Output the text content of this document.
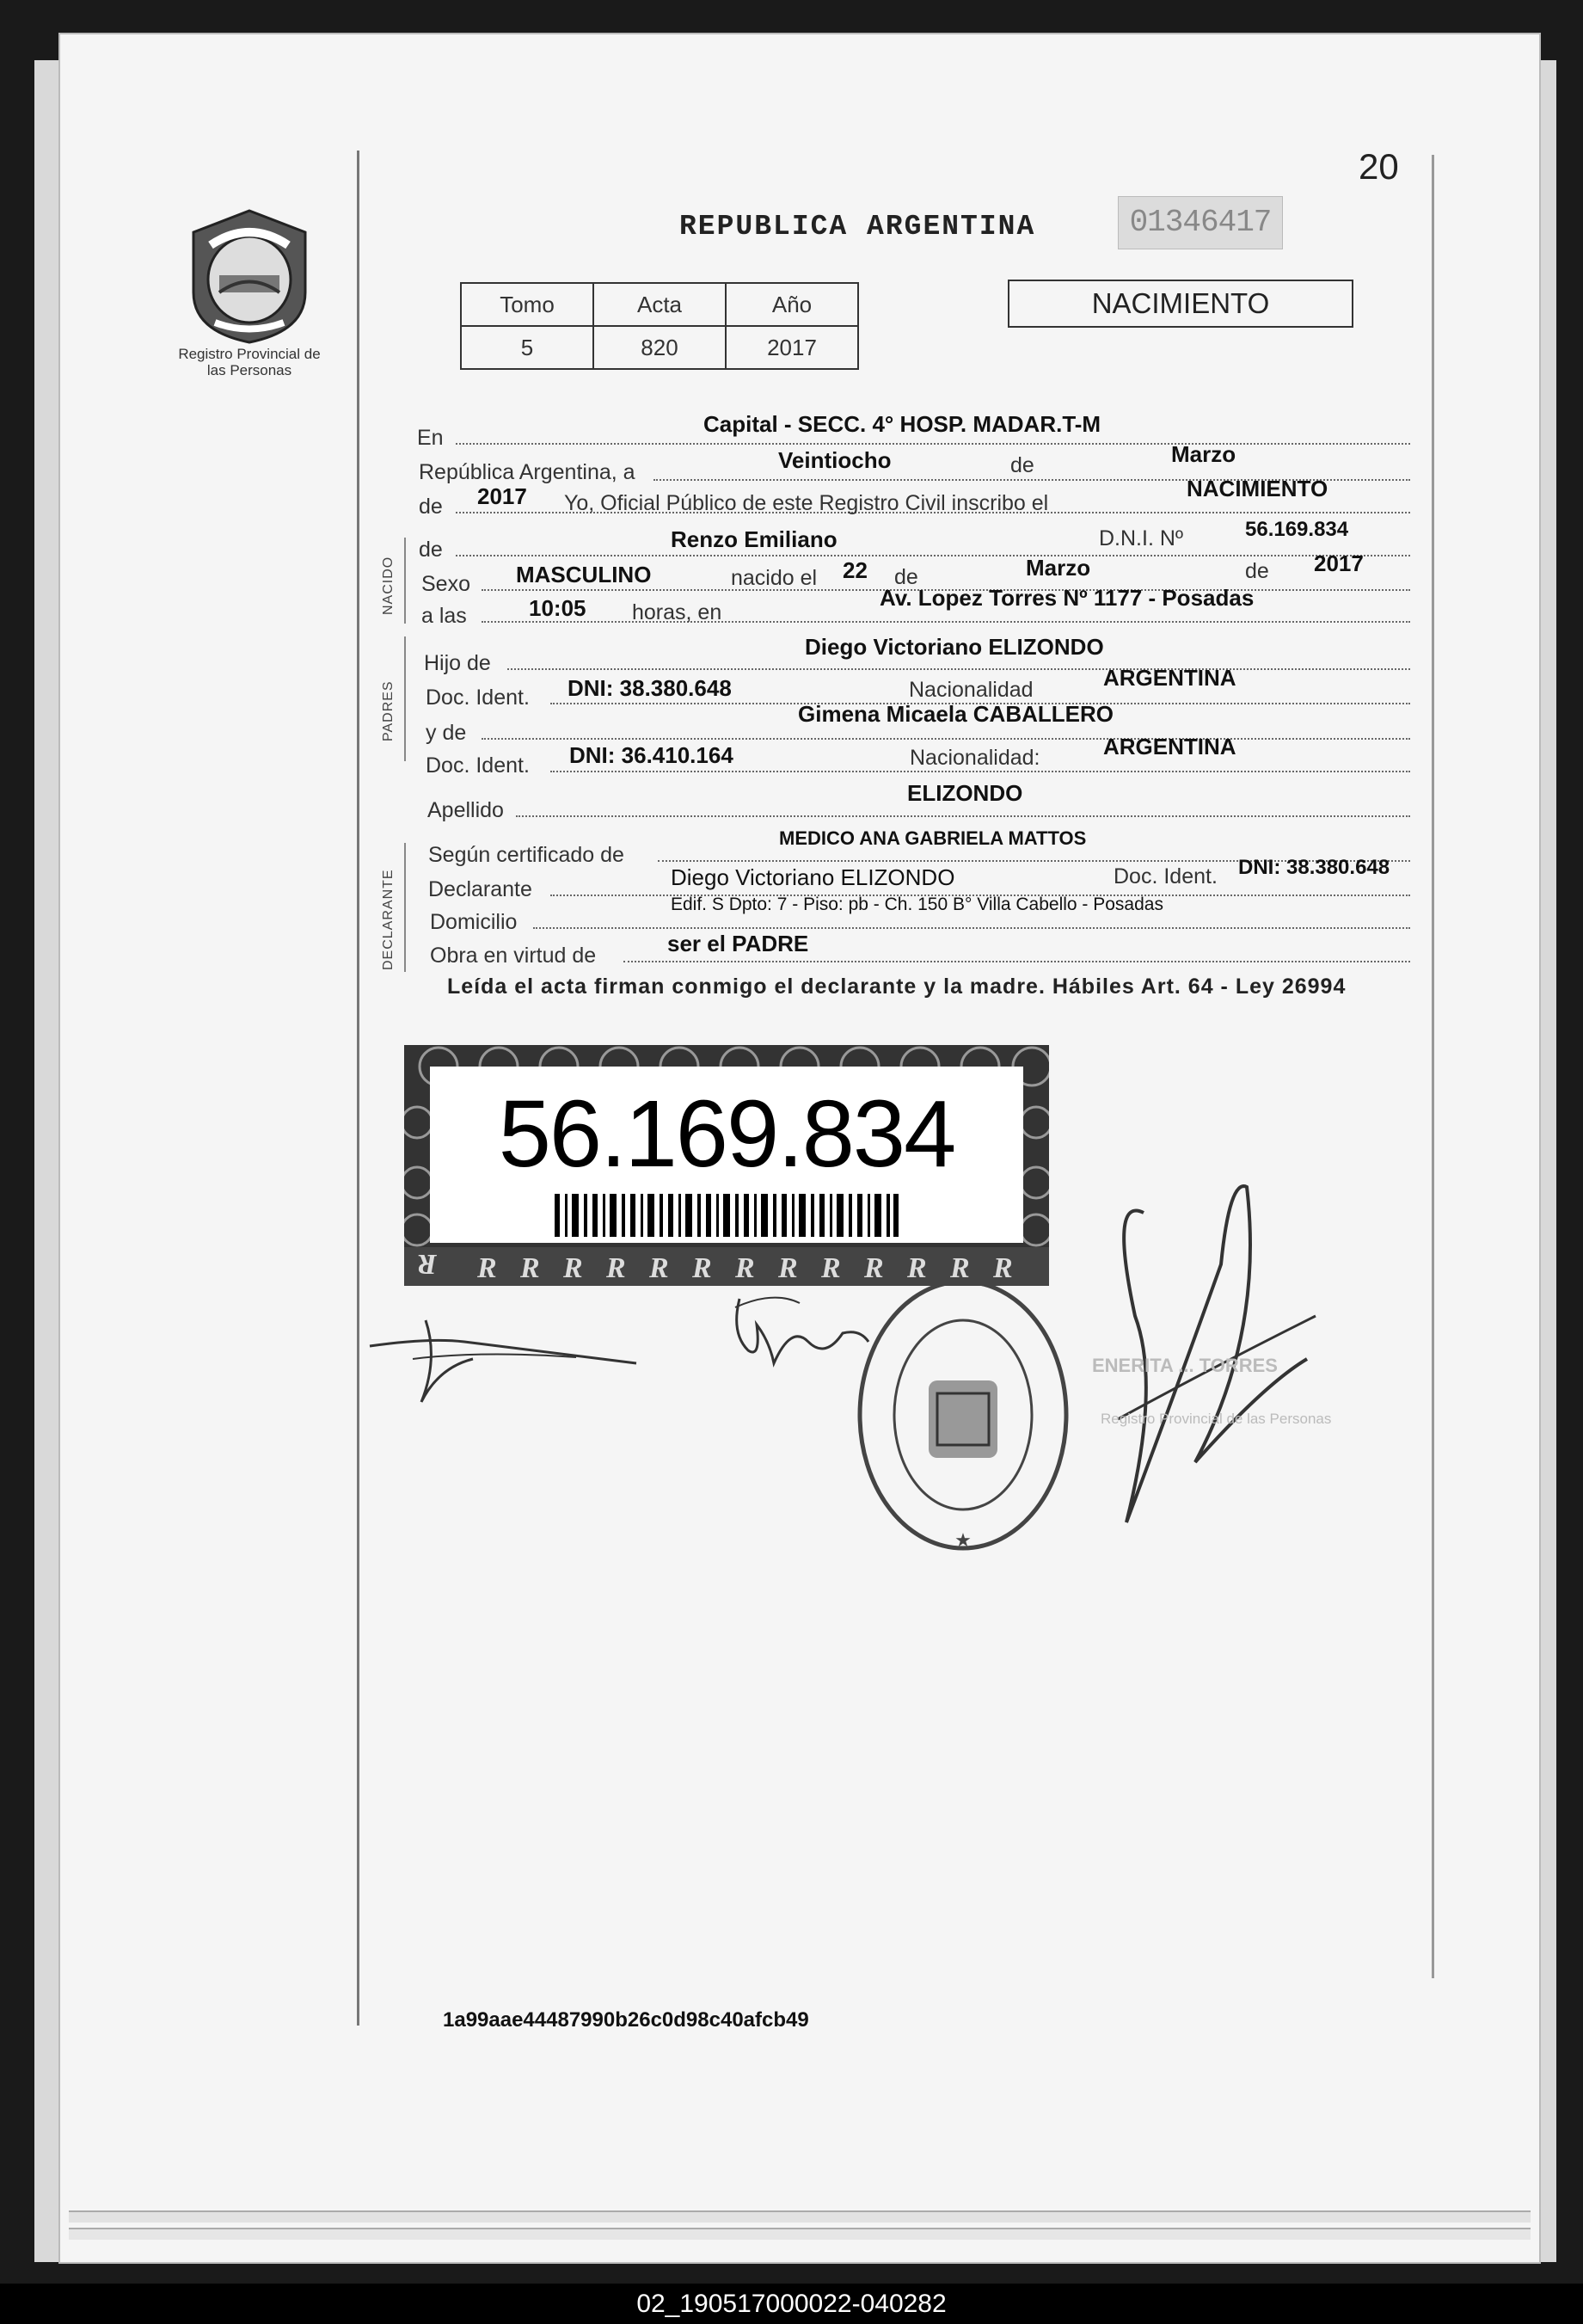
Registro Provincial de las Personas
20
REPUBLICA ARGENTINA	01346417
Tomo	Acta	Año
5	820	2017
NACIMIENTO
En
Capital - SECC. 4° HOSP. MADAR.T-M
República Argentina, a	Veintiocho	de	Marzo
de 2017 Yo, Oficial Público de este Registro Civil inscribo el
NACIMIENTO
NACIDO
de	Renzo Emiliano	D.N.I. Nº	56.169.834
Sexo MASCULINO	nacido el 22 de	Marzo	de 2017
a las	10:05 horas, en
Av. Lopez Torres Nº 1177 - Posadas
PADRES
Hijo de
Diego Victoriano ELIZONDO
Doc. Ident. DNI: 38.380.648	Nacionalidad	ARGENTINA
y de
Gimena Micaela CABALLERO
Doc. Ident. DNI: 36.410.164	Nacionalidad:	ARGENTINA
Apellido
ELIZONDO
DECLARANTE
Según certificado de
MEDICO ANA GABRIELA MATTOS
Declarante	Diego Victoriano ELIZONDO	Doc. Ident. DNI: 38.380.648
Domicilio
Edif. S Dpto: 7 - Piso: pb - Ch. 150 B° Villa Cabello - Posadas
Obra en virtud de	ser el PADRE
Leída el acta firman conmigo el declarante y la madre. Hábiles Art. 64 - Ley 26994
56.169.834
R R R R R R R R R R R R R R
★
ENERITA ... TORRES
Registro Provincial de las Personas
1a99aae44487990b26c0d98c40afcb49
02_190517000022-040282
